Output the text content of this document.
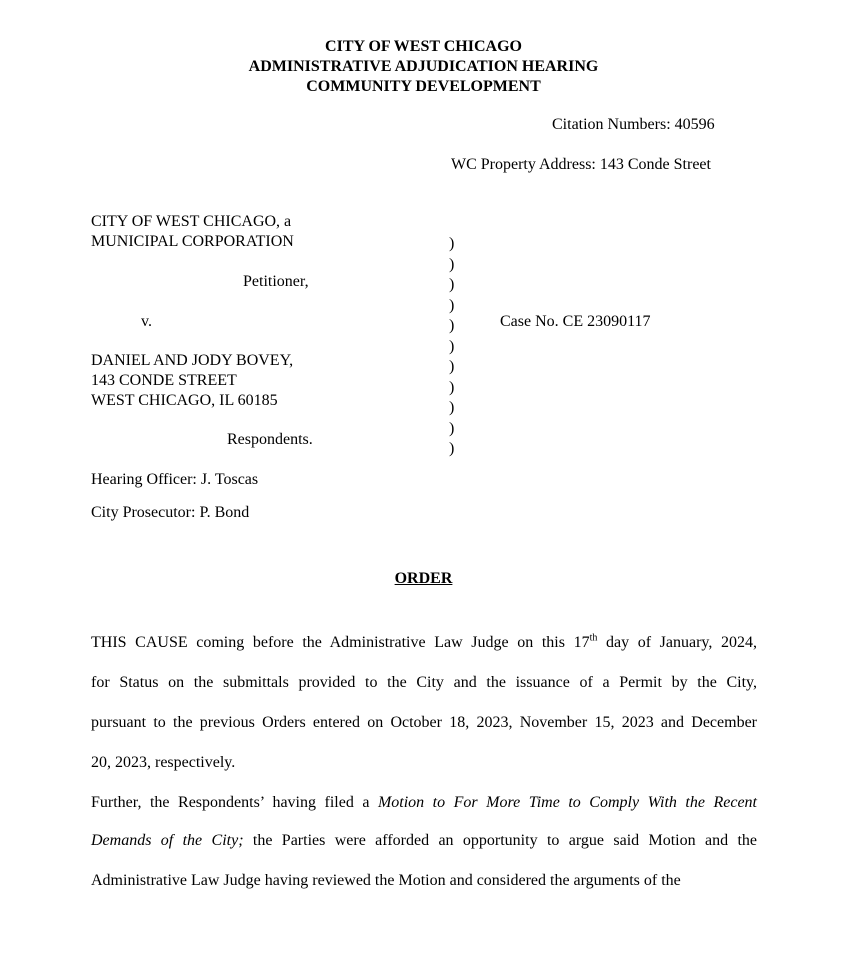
CITY OF WEST CHICAGO
ADMINISTRATIVE ADJUDICATION HEARING
COMMUNITY DEVELOPMENT
Citation Numbers: 40596
WC Property Address: 143 Conde Street
CITY OF WEST CHICAGO, a
MUNICIPAL CORPORATION
Petitioner,
v.
DANIEL AND JODY BOVEY,
143 CONDE STREET
WEST CHICAGO, IL 60185
Respondents.
)
)
)
)
)
)
)
)
)
)
)
Case No. CE 23090117
Hearing Officer: J. Toscas
City Prosecutor: P. Bond
ORDER
THIS CAUSE coming before the Administrative Law Judge on this 17th day of January, 2024,
for Status on the submittals provided to the City and the issuance of a Permit by the City,
pursuant to the previous Orders entered on October 18, 2023, November 15, 2023 and December
20, 2023, respectively.
Further, the Respondents’ having filed a Motion to For More Time to Comply With the Recent
Demands of the City; the Parties were afforded an opportunity to argue said Motion and the
Administrative Law Judge having reviewed the Motion and considered the arguments of the
